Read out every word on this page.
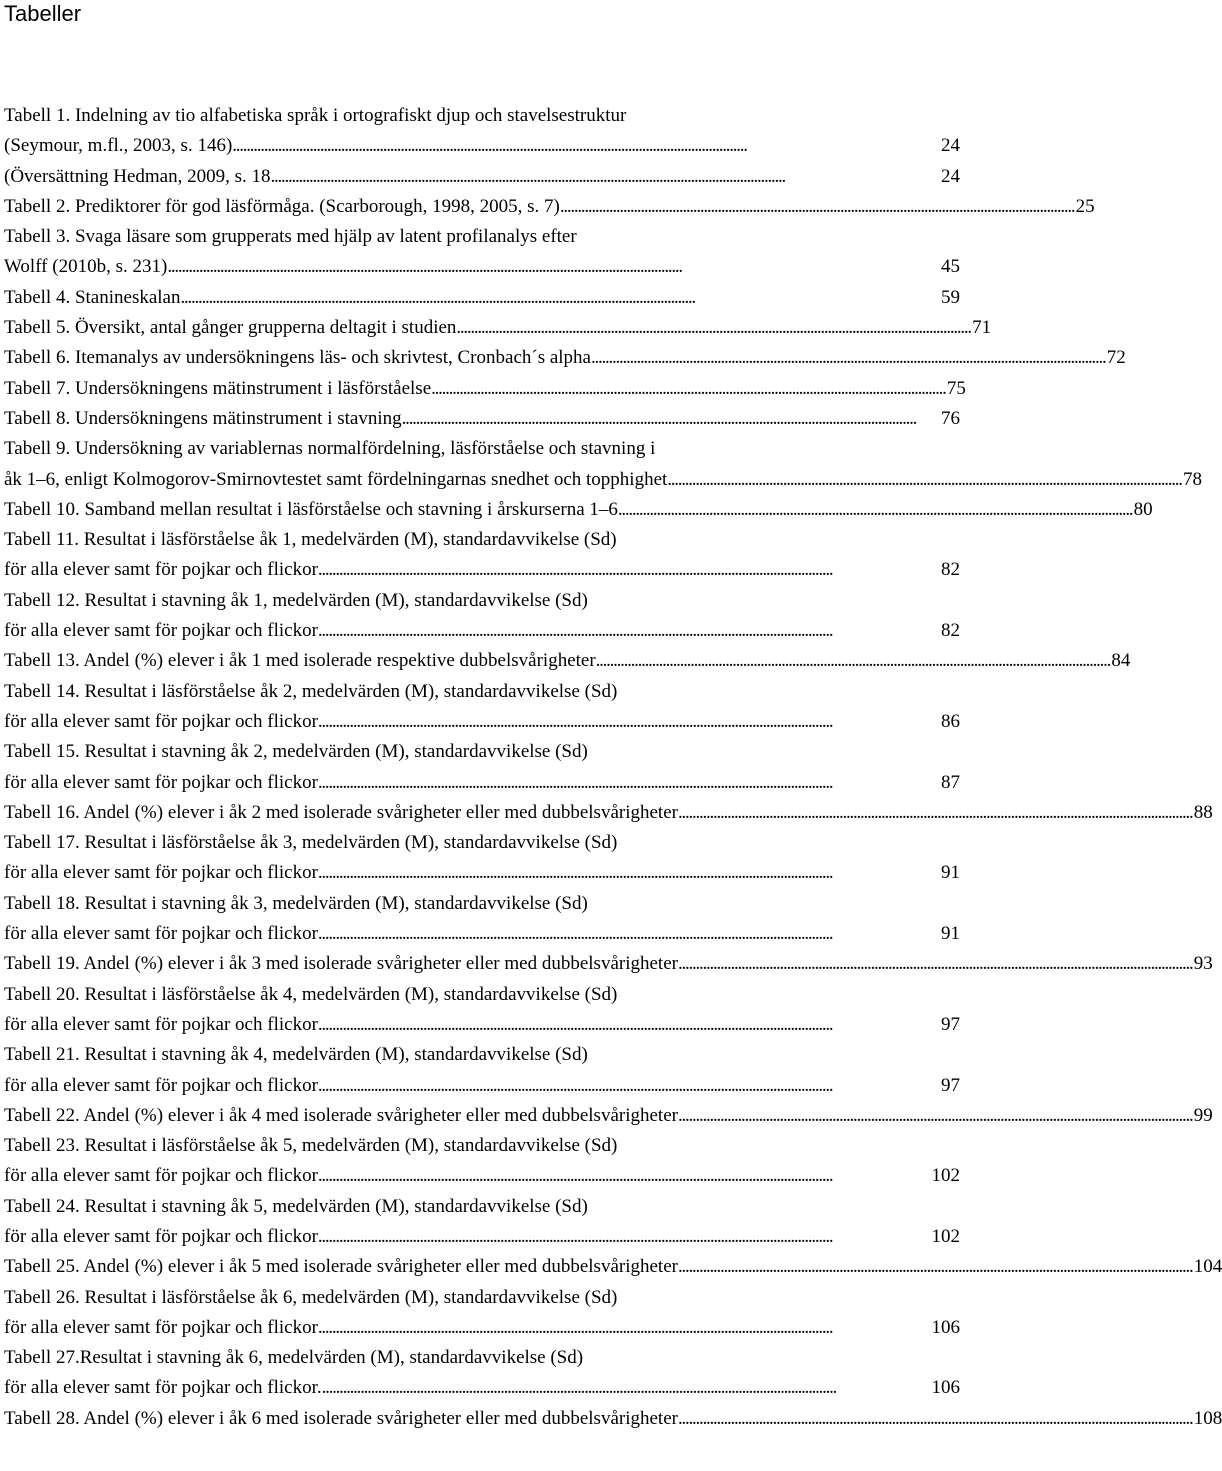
Tabeller
Tabell 1. Indelning av tio alfabetiska språk i ortografiskt djup och stavelsestruktur
(Seymour, m.fl., 2003, s. 146) . . .	24
(Översättning Hedman, 2009, s. 18 . . .	24
Tabell 2. Prediktorer för god läsförmåga. (Scarborough, 1998, 2005, s. 7) . . .	25
Tabell 3. Svaga läsare som grupperats med hjälp av latent profilanalys efter
Wolff (2010b, s. 231) . . .	45
Tabell 4. Stanineskalan . . .	59
Tabell 5. Översikt, antal gånger grupperna deltagit i studien . . .	71
Tabell 6. Itemanalys av undersökningens läs- och skrivtest, Cronbach´s alpha . . .	72
Tabell 7. Undersökningens mätinstrument i läsförståelse . . .	75
Tabell 8. Undersökningens mätinstrument i stavning . . .	76
Tabell 9. Undersökning av variablernas normalfördelning, läsförståelse och stavning i
åk 1–6, enligt Kolmogorov-Smirnovtestet samt fördelningarnas snedhet och topphighet . . .	78
Tabell 10. Samband mellan resultat i läsförståelse och stavning i årskurserna 1–6 . . .	80
Tabell 11. Resultat i läsförståelse åk 1, medelvärden (M), standardavvikelse (Sd)
för alla elever samt för pojkar och flickor . . .	82
Tabell 12. Resultat i stavning åk 1, medelvärden (M), standardavvikelse (Sd)
för alla elever samt för pojkar och flickor . . .	82
Tabell 13. Andel (%) elever i åk 1 med isolerade respektive dubbelsvårigheter . . .	84
Tabell 14. Resultat i läsförståelse åk 2, medelvärden (M), standardavvikelse (Sd)
för alla elever samt för pojkar och flickor . . .	86
Tabell 15. Resultat i stavning åk 2, medelvärden (M), standardavvikelse (Sd)
för alla elever samt för pojkar och flickor . . .	87
Tabell 16. Andel (%) elever i åk 2 med isolerade svårigheter eller med dubbelsvårigheter . . .	88
Tabell 17. Resultat i läsförståelse åk 3, medelvärden (M), standardavvikelse (Sd)
för alla elever samt för pojkar och flickor . . .	91
Tabell 18. Resultat i stavning åk 3, medelvärden (M), standardavvikelse (Sd)
för alla elever samt för pojkar och flickor . . .	91
Tabell 19. Andel (%) elever i åk 3 med isolerade svårigheter eller med dubbelsvårigheter . . .	93
Tabell 20. Resultat i läsförståelse åk 4, medelvärden (M), standardavvikelse (Sd)
för alla elever samt för pojkar och flickor . . .	97
Tabell 21. Resultat i stavning åk 4, medelvärden (M), standardavvikelse (Sd)
för alla elever samt för pojkar och flickor . . .	97
Tabell 22. Andel (%) elever i åk 4 med isolerade svårigheter eller med dubbelsvårigheter . . .	99
Tabell 23. Resultat i läsförståelse åk 5, medelvärden (M), standardavvikelse (Sd)
för alla elever samt för pojkar och flickor . . .	102
Tabell 24. Resultat i stavning åk 5, medelvärden (M), standardavvikelse (Sd)
för alla elever samt för pojkar och flickor . . .	102
Tabell 25. Andel (%) elever i åk 5 med isolerade svårigheter eller med dubbelsvårigheter . . .	104
Tabell 26. Resultat i läsförståelse åk 6, medelvärden (M), standardavvikelse (Sd)
för alla elever samt för pojkar och flickor . . .	106
Tabell 27.Resultat i stavning åk 6, medelvärden (M), standardavvikelse (Sd)
för alla elever samt för pojkar och flickor. . . .	106
Tabell 28. Andel (%) elever i åk 6 med isolerade svårigheter eller med dubbelsvårigheter . . .	108
